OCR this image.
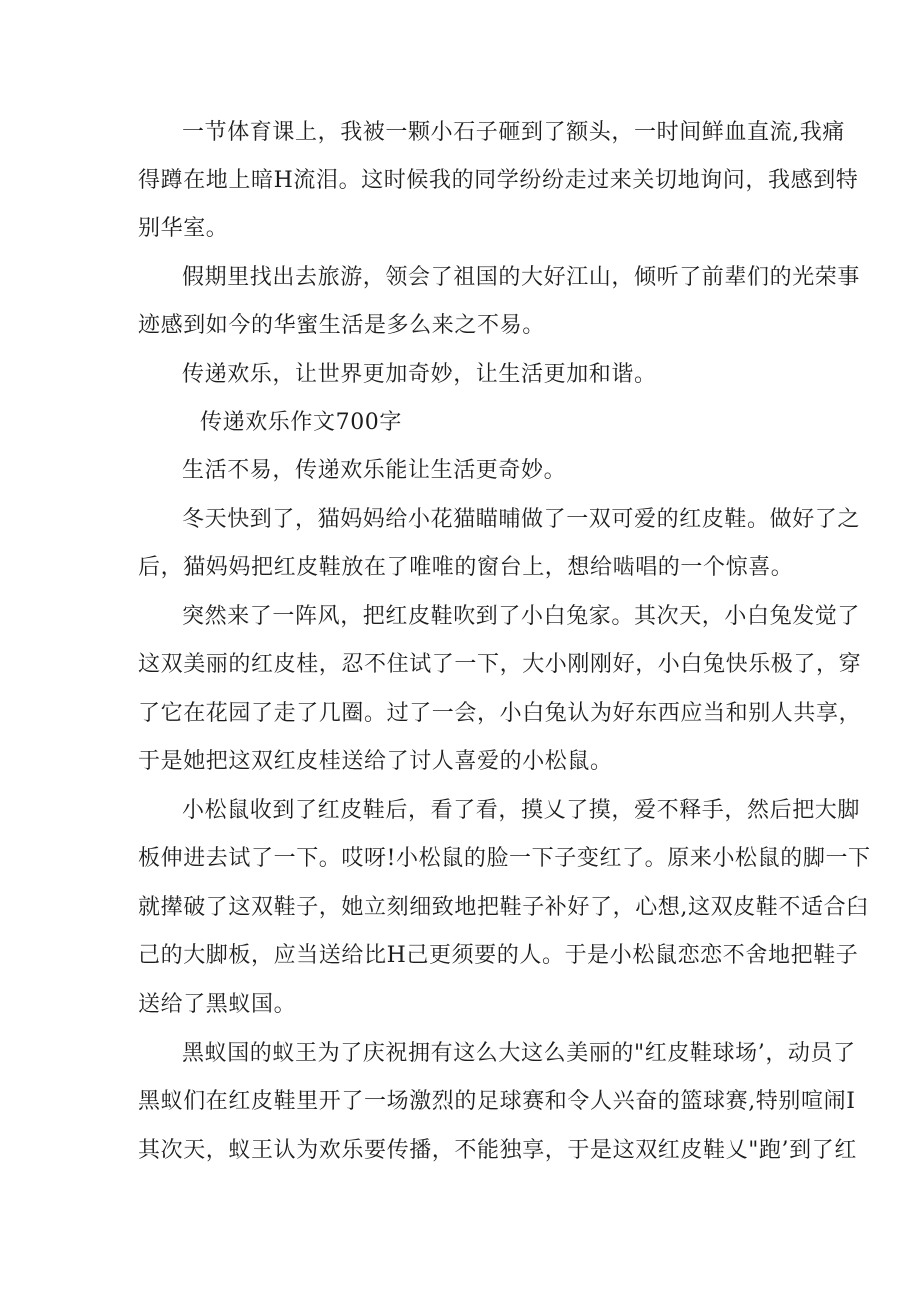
一节体育课上，我被一颗小石子砸到了额头，一时间鲜血直流,我痛
得蹲在地上暗H流泪。这时候我的同学纷纷走过来关切地询问，我感到特
别华室。
假期里找出去旅游，领会了祖国的大好江山，倾听了前辈们的光荣事
迹感到如今的华蜜生活是多么来之不易。
传递欢乐，让世界更加奇妙，让生活更加和谐。
传递欢乐作文700字
生活不易，传递欢乐能让生活更奇妙。
冬天快到了，猫妈妈给小花猫瞄晡做了一双可爱的红皮鞋。做好了之
后，猫妈妈把红皮鞋放在了唯唯的窗台上，想给啮唱的一个惊喜。
突然来了一阵风，把红皮鞋吹到了小白兔家。其次天，小白兔发觉了
这双美丽的红皮桂，忍不住试了一下，大小刚刚好，小白兔快乐极了，穿
了它在花园了走了几圈。过了一会，小白兔认为好东西应当和别人共享，
于是她把这双红皮桂送给了讨人喜爱的小松鼠。
小松鼠收到了红皮鞋后，看了看，摸乂了摸，爱不释手，然后把大脚
板伸进去试了一下。哎呀!小松鼠的脸一下子变红了。原来小松鼠的脚一下
就撵破了这双鞋子，她立刻细致地把鞋子补好了，心想,这双皮鞋不适合臼
己的大脚板，应当送给比H己更须要的人。于是小松鼠恋恋不舍地把鞋子
送给了黑蚁国。
黑蚁国的蚁王为了庆祝拥有这么大这么美丽的"红皮鞋球场’，动员了
黑蚁们在红皮鞋里开了一场激烈的足球赛和令人兴奋的篮球赛,特别喧闹I
其次天，蚁王认为欢乐要传播，不能独享，于是这双红皮鞋乂"跑’到了红
